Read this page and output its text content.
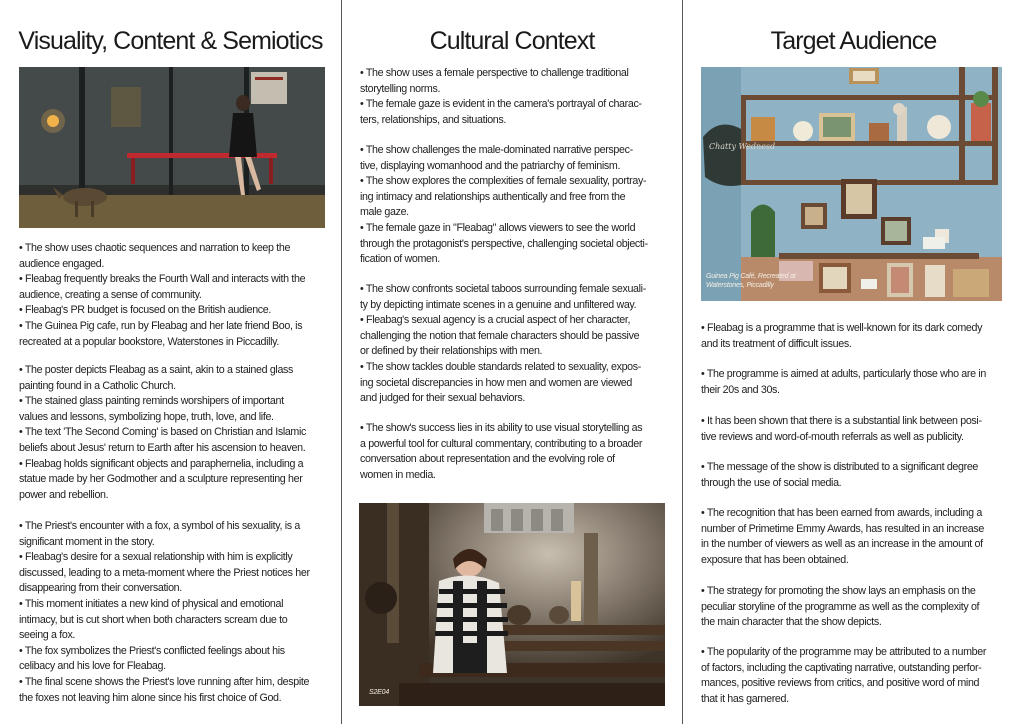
Visuality, Content & Semiotics
• The show uses chaotic sequences and narration to keep the
audience engaged.
• Fleabag frequently breaks the Fourth Wall and interacts with the
audience, creating a sense of community.
• Fleabag's PR budget is focused on the British audience.
• The Guinea Pig cafe, run by Fleabag and her late friend Boo, is
recreated at a popular bookstore, Waterstones in Piccadilly.
• The poster depicts Fleabag as a saint, akin to a stained glass
painting found in a Catholic Church.
• The stained glass painting reminds worshipers of important
values and lessons, symbolizing hope, truth, love, and life.
• The text 'The Second Coming' is based on Christian and Islamic
beliefs about Jesus' return to Earth after his ascension to heaven.
• Fleabag holds significant objects and paraphernelia, including a
statue made by her Godmother and a sculpture representing her
power and rebellion.
• The Priest's encounter with a fox, a symbol of his sexuality, is a
significant moment in the story.
• Fleabag's desire for a sexual relationship with him is explicitly
discussed, leading to a meta-moment where the Priest notices her
disappearing from their conversation.
• This moment initiates a new kind of physical and emotional
intimacy, but is cut short when both characters scream due to
seeing a fox.
• The fox symbolizes the Priest's conflicted feelings about his
celibacy and his love for Fleabag.
• The final scene shows the Priest's love running after him, despite
the foxes not leaving him alone since his first choice of God.
Cultural Context
• The show uses a female perspective to challenge traditional
storytelling norms.
• The female gaze is evident in the camera's portrayal of charac-
ters, relationships, and situations.
• The show challenges the male-dominated narrative perspec-
tive, displaying womanhood and the patriarchy of feminism.
• The show explores the complexities of female sexuality, portray-
ing intimacy and relationships authentically and free from the
male gaze.
• The female gaze in "Fleabag" allows viewers to see the world
through the protagonist's perspective, challenging societal objecti-
fication of women.
• The show confronts societal taboos surrounding female sexuali-
ty by depicting intimate scenes in a genuine and unfiltered way.
• Fleabag's sexual agency is a crucial aspect of her character,
challenging the notion that female characters should be passive
or defined by their relationships with men.
• The show tackles double standards related to sexuality, expos-
ing societal discrepancies in how men and women are viewed
and judged for their sexual behaviors.
• The show's success lies in its ability to use visual storytelling as
a powerful tool for cultural commentary, contributing to a broader
conversation about representation and the evolving role of
women in media.
S2E04
Target Audience
Chatty Wednesd
Guinea Pig Café, Recreated at
Waterstones, Piccadilly
• Fleabag is a programme that is well-known for its dark comedy
and its treatment of difficult issues.
• The programme is aimed at adults, particularly those who are in
their 20s and 30s.
• It has been shown that there is a substantial link between posi-
tive reviews and word-of-mouth referrals as well as publicity.
• The message of the show is distributed to a significant degree
through the use of social media.
• The recognition that has been earned from awards, including a
number of Primetime Emmy Awards, has resulted in an increase
in the number of viewers as well as an increase in the amount of
exposure that has been obtained.
• The strategy for promoting the show lays an emphasis on the
peculiar storyline of the programme as well as the complexity of
the main character that the show depicts.
• The popularity of the programme may be attributed to a number
of factors, including the captivating narrative, outstanding perfor-
mances, positive reviews from critics, and positive word of mind
that it has garnered.
